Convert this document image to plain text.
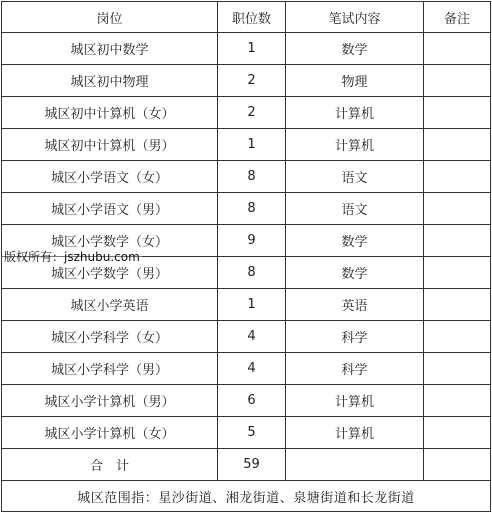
岗位	职位数	笔试内容	备注
城区初中数学	1	数学	
城区初中物理	2	物理	
城区初中计算机（女）	2	计算机	
城区初中计算机（男）	1	计算机	
城区小学语文（女）	8	语文	
城区小学语文（男）	8	语文	
城区小学数学（女）	9	数学	
城区小学数学（男）	8	数学	
城区小学英语	1	英语	
城区小学科学（女）	4	科学	
城区小学科学（男）	4	科学	
城区小学计算机（男）	6	计算机	
城区小学计算机（女）	5	计算机	
合　计	59		
城区范围指：星沙街道、湘龙街道、泉塘街道和长龙街道			
版权所有：jszhubu.com
